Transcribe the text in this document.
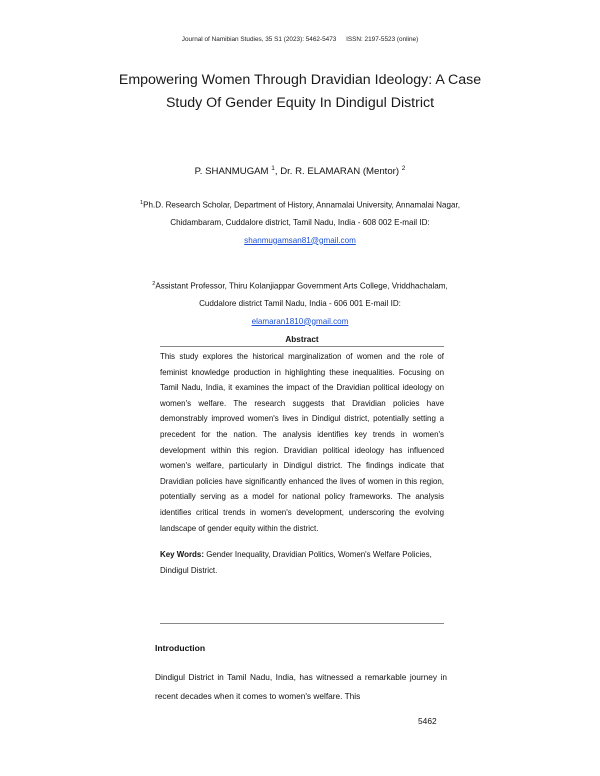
Journal of Namibian Studies, 35 S1 (2023): 5462-5473 ISSN: 2197-5523 (online)
Empowering Women Through Dravidian Ideology: A Case Study Of Gender Equity In Dindigul District
P. SHANMUGAM $^1$, Dr. R. ELAMARAN (Mentor) $^2$
$^1$Ph.D. Research Scholar, Department of History, Annamalai University, Annamalai Nagar, Chidambaram, Cuddalore district, Tamil Nadu, India - 608 002 E-mail ID: shanmugamsan81@gmail.com
$^2$Assistant Professor, Thiru Kolanjiappar Government Arts College, Vriddhachalam, Cuddalore district Tamil Nadu, India - 606 001 E-mail ID: elamaran1810@gmail.com
Abstract
This study explores the historical marginalization of women and the role of feminist knowledge production in highlighting these inequalities. Focusing on Tamil Nadu, India, it examines the impact of the Dravidian political ideology on women's welfare. The research suggests that Dravidian policies have demonstrably improved women's lives in Dindigul district, potentially setting a precedent for the nation. The analysis identifies key trends in women's development within this region. Dravidian political ideology has influenced women's welfare, particularly in Dindigul district. The findings indicate that Dravidian policies have significantly enhanced the lives of women in this region, potentially serving as a model for national policy frameworks. The analysis identifies critical trends in women's development, underscoring the evolving landscape of gender equity within the district.
Key Words: Gender Inequality, Dravidian Politics, Women's Welfare Policies, Dindigul District.
Introduction
Dindigul District in Tamil Nadu, India, has witnessed a remarkable journey in recent decades when it comes to women's welfare. This
5462
